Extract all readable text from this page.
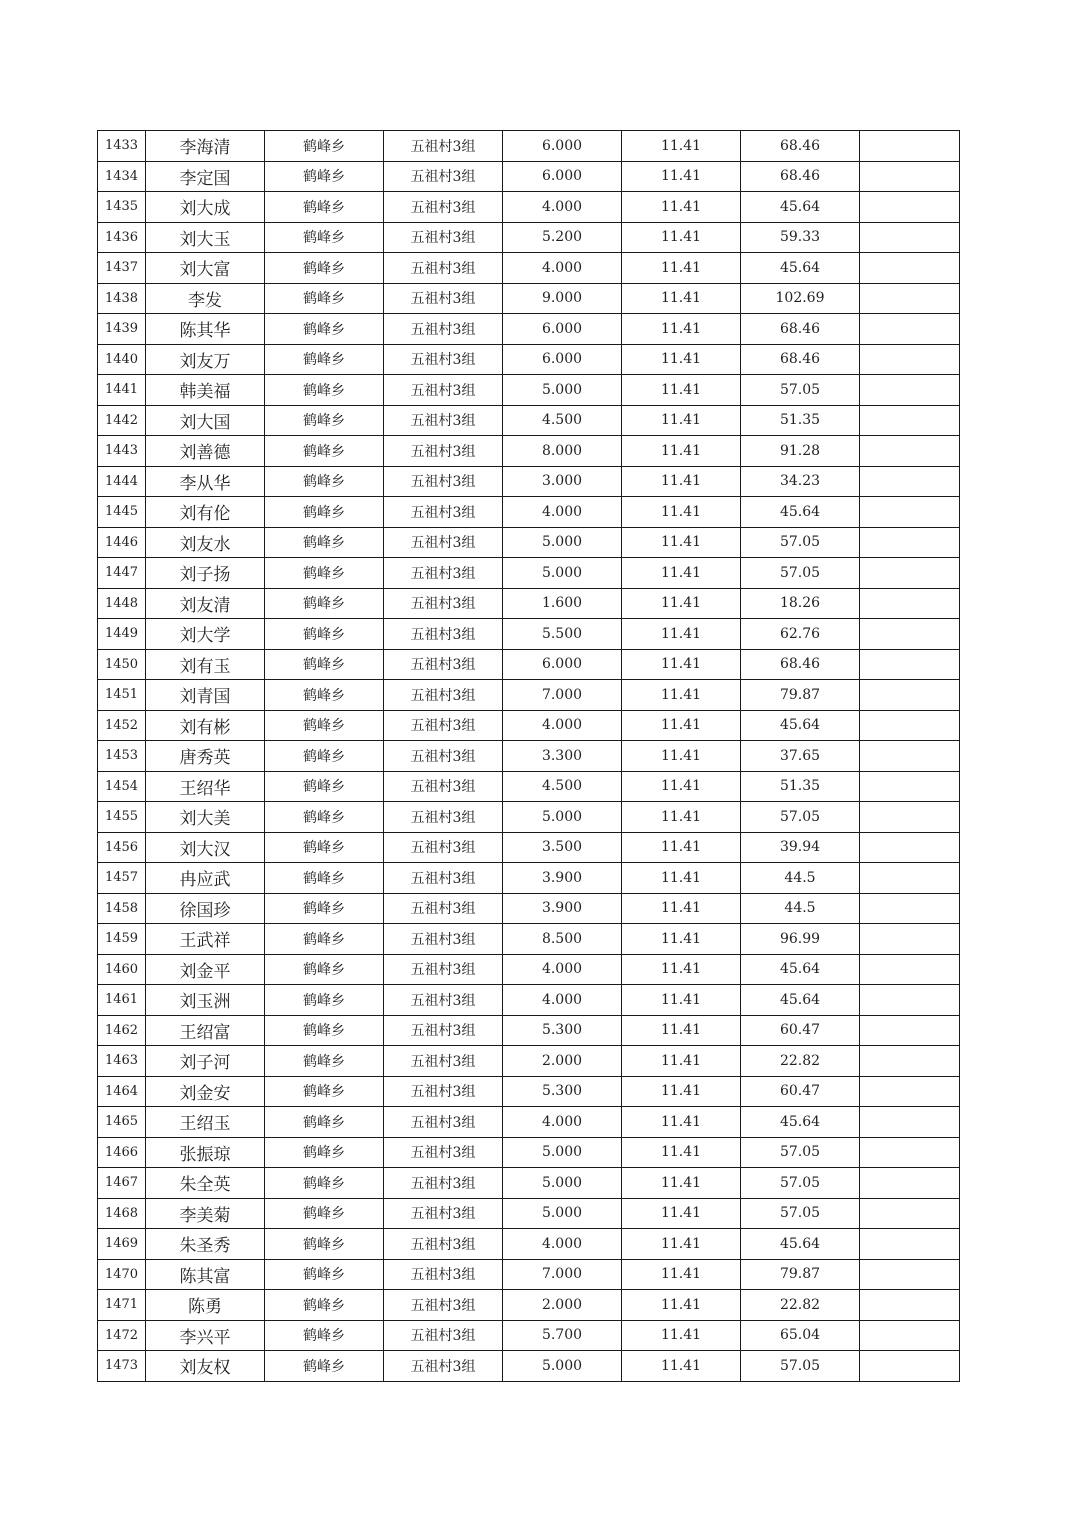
1433	李海清	鹤峰乡	五祖村3组	6.000	11.41	68.46	
1434	李定国	鹤峰乡	五祖村3组	6.000	11.41	68.46	
1435	刘大成	鹤峰乡	五祖村3组	4.000	11.41	45.64	
1436	刘大玉	鹤峰乡	五祖村3组	5.200	11.41	59.33	
1437	刘大富	鹤峰乡	五祖村3组	4.000	11.41	45.64	
1438	李发	鹤峰乡	五祖村3组	9.000	11.41	102.69	
1439	陈其华	鹤峰乡	五祖村3组	6.000	11.41	68.46	
1440	刘友万	鹤峰乡	五祖村3组	6.000	11.41	68.46	
1441	韩美福	鹤峰乡	五祖村3组	5.000	11.41	57.05	
1442	刘大国	鹤峰乡	五祖村3组	4.500	11.41	51.35	
1443	刘善德	鹤峰乡	五祖村3组	8.000	11.41	91.28	
1444	李从华	鹤峰乡	五祖村3组	3.000	11.41	34.23	
1445	刘有伦	鹤峰乡	五祖村3组	4.000	11.41	45.64	
1446	刘友水	鹤峰乡	五祖村3组	5.000	11.41	57.05	
1447	刘子扬	鹤峰乡	五祖村3组	5.000	11.41	57.05	
1448	刘友清	鹤峰乡	五祖村3组	1.600	11.41	18.26	
1449	刘大学	鹤峰乡	五祖村3组	5.500	11.41	62.76	
1450	刘有玉	鹤峰乡	五祖村3组	6.000	11.41	68.46	
1451	刘青国	鹤峰乡	五祖村3组	7.000	11.41	79.87	
1452	刘有彬	鹤峰乡	五祖村3组	4.000	11.41	45.64	
1453	唐秀英	鹤峰乡	五祖村3组	3.300	11.41	37.65	
1454	王绍华	鹤峰乡	五祖村3组	4.500	11.41	51.35	
1455	刘大美	鹤峰乡	五祖村3组	5.000	11.41	57.05	
1456	刘大汉	鹤峰乡	五祖村3组	3.500	11.41	39.94	
1457	冉应武	鹤峰乡	五祖村3组	3.900	11.41	44.5	
1458	徐国珍	鹤峰乡	五祖村3组	3.900	11.41	44.5	
1459	王武祥	鹤峰乡	五祖村3组	8.500	11.41	96.99	
1460	刘金平	鹤峰乡	五祖村3组	4.000	11.41	45.64	
1461	刘玉洲	鹤峰乡	五祖村3组	4.000	11.41	45.64	
1462	王绍富	鹤峰乡	五祖村3组	5.300	11.41	60.47	
1463	刘子河	鹤峰乡	五祖村3组	2.000	11.41	22.82	
1464	刘金安	鹤峰乡	五祖村3组	5.300	11.41	60.47	
1465	王绍玉	鹤峰乡	五祖村3组	4.000	11.41	45.64	
1466	张振琼	鹤峰乡	五祖村3组	5.000	11.41	57.05	
1467	朱全英	鹤峰乡	五祖村3组	5.000	11.41	57.05	
1468	李美菊	鹤峰乡	五祖村3组	5.000	11.41	57.05	
1469	朱圣秀	鹤峰乡	五祖村3组	4.000	11.41	45.64	
1470	陈其富	鹤峰乡	五祖村3组	7.000	11.41	79.87	
1471	陈勇	鹤峰乡	五祖村3组	2.000	11.41	22.82	
1472	李兴平	鹤峰乡	五祖村3组	5.700	11.41	65.04	
1473	刘友权	鹤峰乡	五祖村3组	5.000	11.41	57.05	
